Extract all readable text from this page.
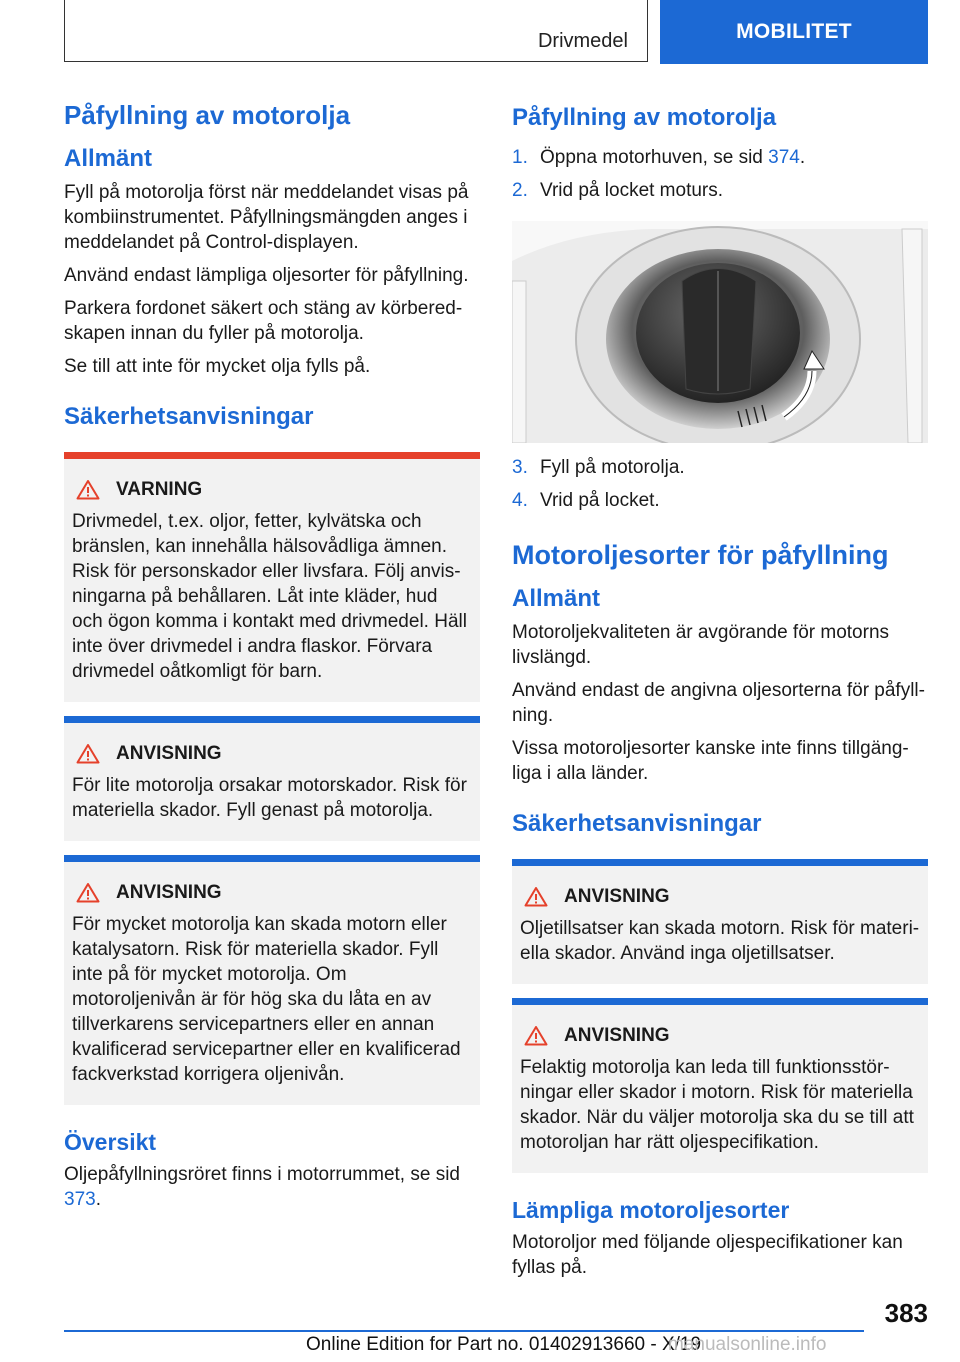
Drivmedel	MOBILITET
Påfyllning av motorolja
Allmänt

Fyll på motorolja först när meddelandet visas på kombiinstrumentet. Påfyllningsmängden anges i meddelandet på Control-displayen.

Använd endast lämpliga oljesorter för påfyllning.

Parkera fordonet säkert och stäng av körberedskapen innan du fyller på motorolja.

Se till att inte för mycket olja fylls på.

Säkerhetsanvisningar
VARNING

Drivmedel, t.ex. oljor, fetter, kylvätska och bränslen, kan innehålla hälsovådliga ämnen. Risk för personskador eller livsfara. Följ anvisningarna på behållaren. Låt inte kläder, hud och ögon komma i kontakt med drivmedel. Häll inte över drivmedel i andra flaskor. Förvara drivmedel oåtkomligt för barn.

ANVISNING

För lite motorolja orsakar motorskador. Risk för materiella skador. Fyll genast på motorolja.

ANVISNING

För mycket motorolja kan skada motorn eller katalysatorn. Risk för materiella skador. Fyll inte på för mycket motorolja. Om motoroljenivån är för hög ska du låta en av tillverkarens servicepartners eller en annan kvalificerad servicepartner eller en kvalificerad fackverkstad korrigera oljenivån.

Översikt

Oljepåfyllningsröret finns i motorrummet, se sid 373.

Påfyllning av motorolja
1. Öppna motorhuven, se sid 374.
2. Vrid på locket moturs.
3. Fyll på motorolja.
4. Vrid på locket.
Motoroljesorter för påfyllning
Allmänt

Motoroljekvaliteten är avgörande för motorns livslängd.

Använd endast de angivna oljesorterna för påfyllning.

Vissa motoroljesorter kanske inte finns tillgängliga i alla länder.

Säkerhetsanvisningar
ANVISNING

Oljetillsatser kan skada motorn. Risk för materiella skador. Använd inga oljetillsatser.

ANVISNING

Felaktig motorolja kan leda till funktionsstörningar eller skador i motorn. Risk för materiella skador. När du väljer motorolja ska du se till att motoroljan har rätt oljespecifikation.

Lämpliga motoroljesorter

Motoroljor med följande oljespecifikationer kan fyllas på.

383
Online Edition for Part no. 01402913660 - X/19
manualsonline.info
